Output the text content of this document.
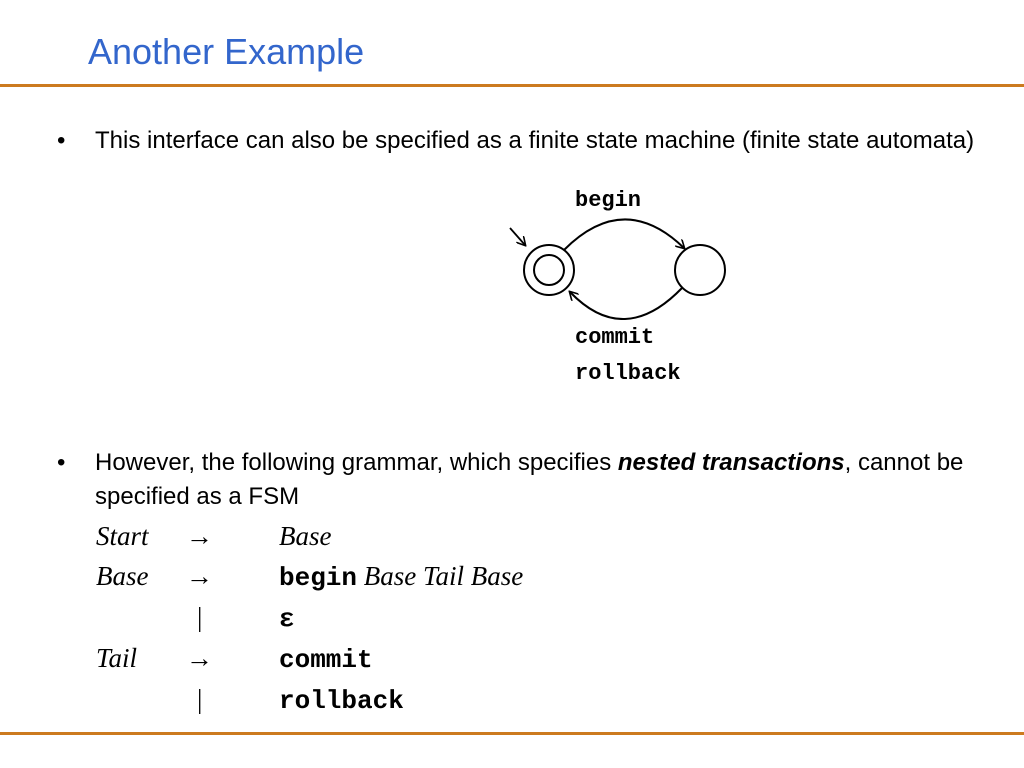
Another Example
• This interface can also be specified as a finite state machine (finite state automata)
begin
commit
rollback
• However, the following grammar, which specifies nested transactions, cannot be specified as a FSM
Start → Base
Base →	begin Base Tail Base
|	ε
Tail →	commit
|	rollback
